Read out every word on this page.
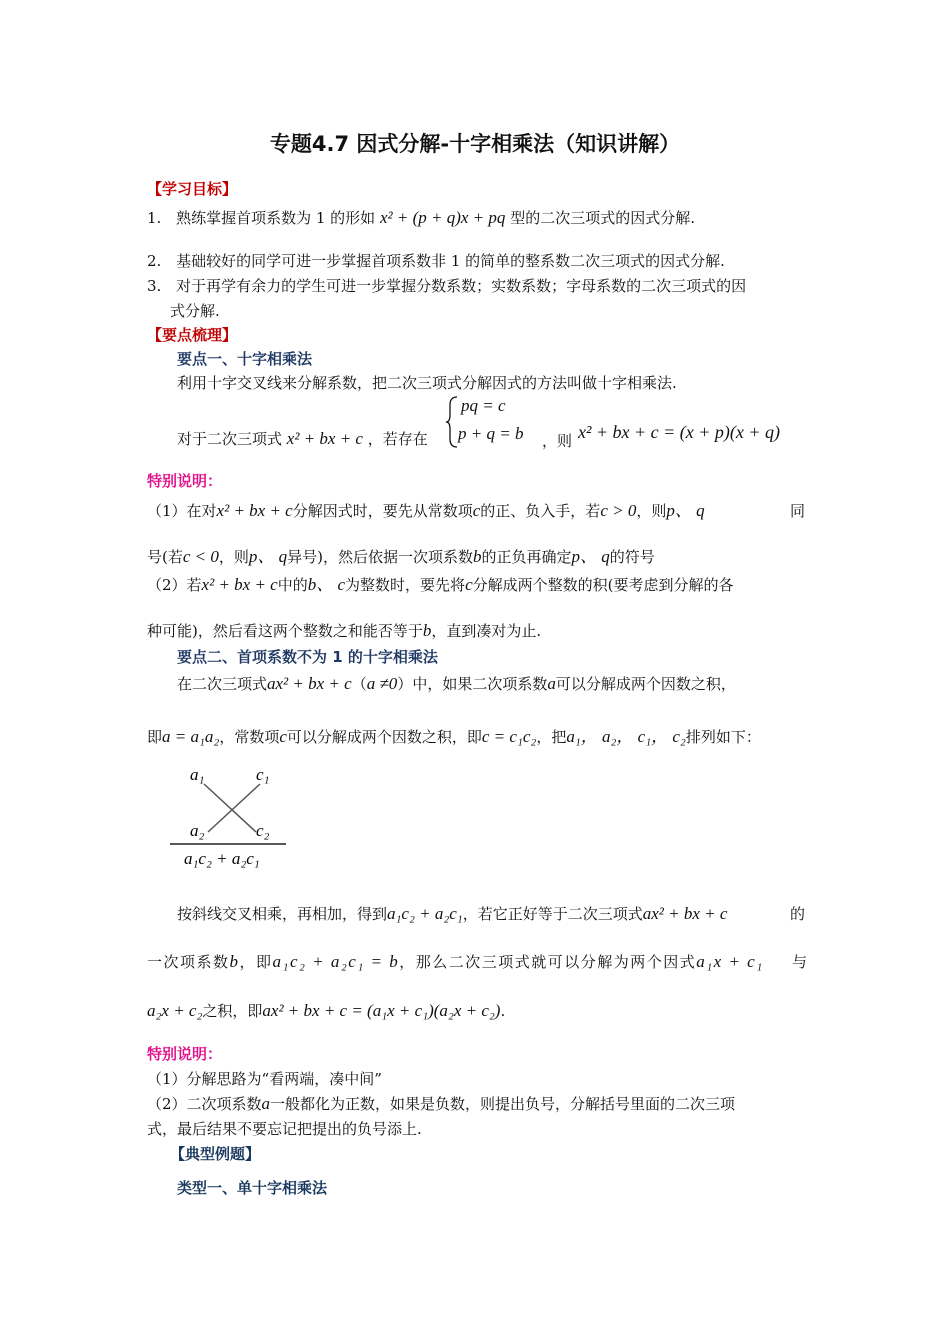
专题4.7 因式分解-十字相乘法（知识讲解）
【学习目标】
1. 熟练掌握首项系数为 1 的形如 x² + (p + q)x + pq 型的二次三项式的因式分解.
2. 基础较好的同学可进一步掌握首项系数非 1 的简单的整系数二次三项式的因式分解.
3. 对于再学有余力的学生可进一步掌握分数系数；实数系数；字母系数的二次三项式的因
式分解.
【要点梳理】
要点一、十字相乘法
利用十字交叉线来分解系数，把二次三项式分解因式的方法叫做十字相乘法.
对于二次三项式 x² + bx + c ，若存在
pq = c
p + q = b ，则 x² + bx + c = (x + p)(x + q)
特别说明：
（1）在对x² + bx + c分解因式时，要先从常数项c的正、负入手，若c > 0，则p、 q	同
号(若c < 0，则p、 q异号)，然后依据一次项系数b的正负再确定p、 q的符号
（2）若x² + bx + c中的b、 c为整数时，要先将c分解成两个整数的积(要考虑到分解的各
种可能)，然后看这两个整数之和能否等于b，直到凑对为止.
要点二、首项系数不为 1 的十字相乘法
在二次三项式ax² + bx + c（a ≠0）中，如果二次项系数a可以分解成两个因数之积，
即a = a₁a₂，常数项c可以分解成两个因数之积，即c = c₁c₂，把a₁， a₂， c₁， c₂排列如下：
a₁	c₁
a₂	c₂
a₁c₂ + a₂c₁
按斜线交叉相乘，再相加，得到a₁c₂ + a₂c₁，若它正好等于二次三项式ax² + bx + c	的
一次项系数b，即a₁c₂ + a₂c₁ = b，那么二次三项式就可以分解为两个因式a₁x + c₁ 与
a₂x + c₂之积，即ax² + bx + c = (a₁x + c₁)(a₂x + c₂).
特别说明：
（1）分解思路为“看两端，凑中间”
（2）二次项系数a一般都化为正数，如果是负数，则提出负号，分解括号里面的二次三项
式，最后结果不要忘记把提出的负号添上.
【典型例题】
类型一、单十字相乘法
